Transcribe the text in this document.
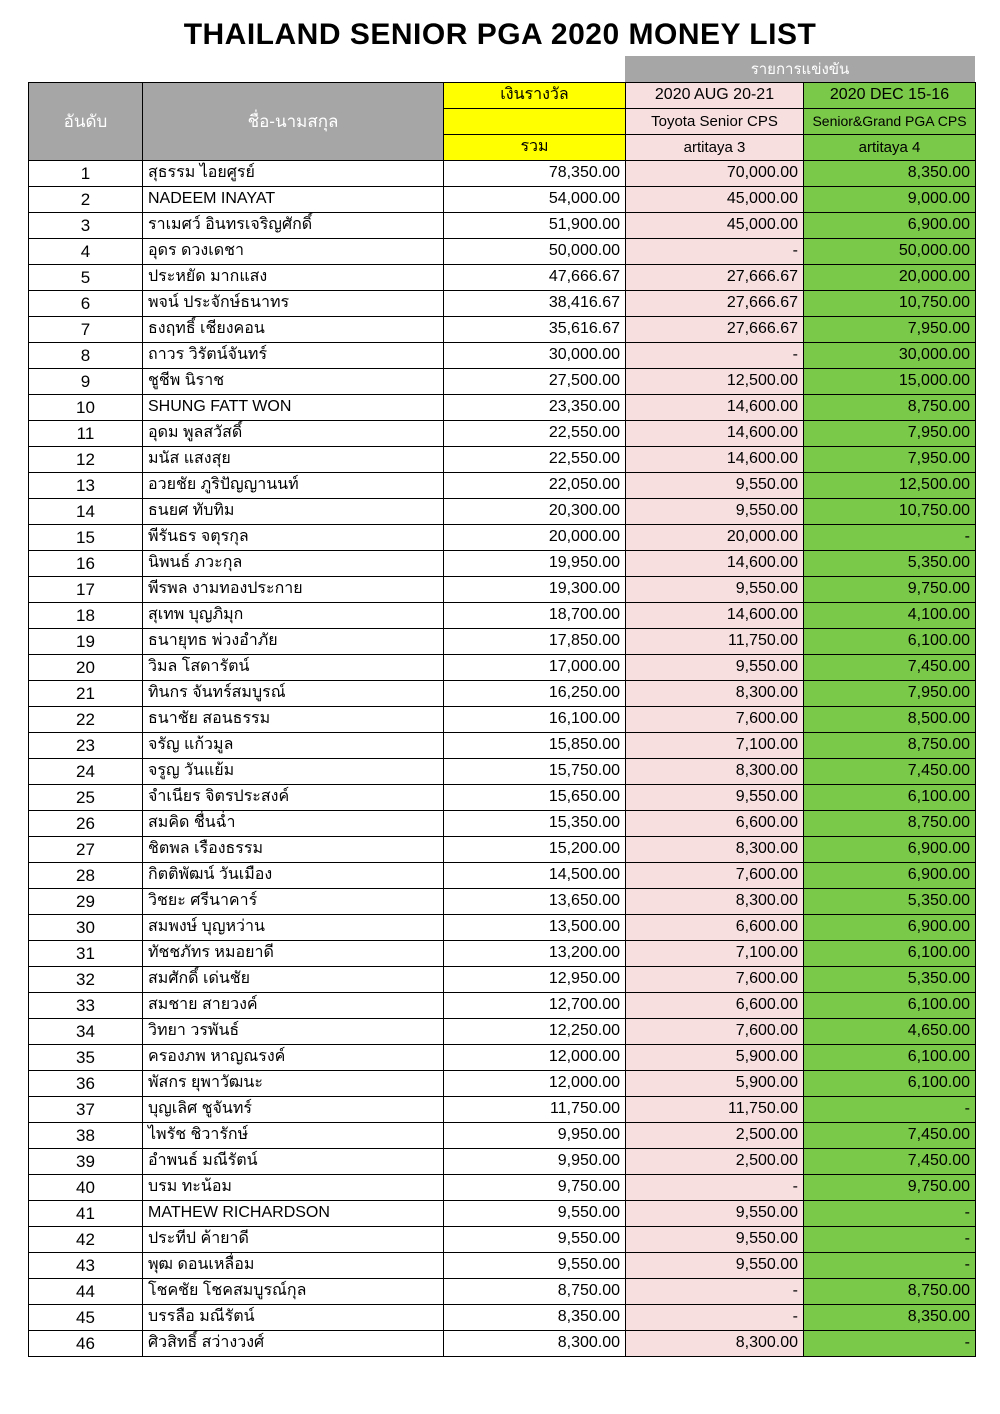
THAILAND SENIOR PGA 2020 MONEY LIST
รายการแข่งขัน
อันดับ	ชื่อ-นามสกุล	เงินรางวัล	2020 AUG 20-21	2020 DEC 15-16
			Toyota Senior CPS	Senior&Grand PGA CPS
		รวม	artitaya 3	artitaya 4
1	สุธรรม ไอยศูรย์	78,350.00	70,000.00	8,350.00
2	NADEEM INAYAT	54,000.00	45,000.00	9,000.00
3	ราเมศว์ อินทรเจริญศักดิ์	51,900.00	45,000.00	6,900.00
4	อุดร ดวงเดชา	50,000.00	-	50,000.00
5	ประหยัด มากแสง	47,666.67	27,666.67	20,000.00
6	พจน์ ประจักษ์ธนาทร	38,416.67	27,666.67	10,750.00
7	ธงฤทธิ์ เชียงคอน	35,616.67	27,666.67	7,950.00
8	ถาวร วิรัตน์จันทร์	30,000.00	-	30,000.00
9	ชูชีพ นิราช	27,500.00	12,500.00	15,000.00
10	SHUNG FATT WON	23,350.00	14,600.00	8,750.00
11	อุดม พูลสวัสดิ์	22,550.00	14,600.00	7,950.00
12	มนัส แสงสุย	22,550.00	14,600.00	7,950.00
13	อวยชัย ภูริปัญญานนท์	22,050.00	9,550.00	12,500.00
14	ธนยศ ทับทิม	20,300.00	9,550.00	10,750.00
15	พีรันธร จตุรกุล	20,000.00	20,000.00	-
16	นิพนธ์ ภวะกุล	19,950.00	14,600.00	5,350.00
17	พีรพล งามทองประกาย	19,300.00	9,550.00	9,750.00
18	สุเทพ บุญภิมุก	18,700.00	14,600.00	4,100.00
19	ธนายุทธ พ่วงอำภัย	17,850.00	11,750.00	6,100.00
20	วิมล โสดารัตน์	17,000.00	9,550.00	7,450.00
21	ทินกร จันทร์สมบูรณ์	16,250.00	8,300.00	7,950.00
22	ธนาชัย สอนธรรม	16,100.00	7,600.00	8,500.00
23	จรัญ แก้วมูล	15,850.00	7,100.00	8,750.00
24	จรูญ วันแย้ม	15,750.00	8,300.00	7,450.00
25	จำเนียร จิตรประสงค์	15,650.00	9,550.00	6,100.00
26	สมคิด ชื่นฉ่ำ	15,350.00	6,600.00	8,750.00
27	ชิตพล เรืองธรรม	15,200.00	8,300.00	6,900.00
28	กิตติพัฒน์ วันเมือง	14,500.00	7,600.00	6,900.00
29	วิชยะ ศรีนาคาร์	13,650.00	8,300.00	5,350.00
30	สมพงษ์ บุญหว่าน	13,500.00	6,600.00	6,900.00
31	ทัชชภัทร หมอยาดี	13,200.00	7,100.00	6,100.00
32	สมศักดิ์ เด่นชัย	12,950.00	7,600.00	5,350.00
33	สมชาย สายวงค์	12,700.00	6,600.00	6,100.00
34	วิทยา วรพันธ์	12,250.00	7,600.00	4,650.00
35	ครองภพ หาญณรงค์	12,000.00	5,900.00	6,100.00
36	พัสกร ยุพาวัฒนะ	12,000.00	5,900.00	6,100.00
37	บุญเลิศ ชูจันทร์	11,750.00	11,750.00	-
38	ไพรัช ชิวารักษ์	9,950.00	2,500.00	7,450.00
39	อำพนธ์ มณีรัตน์	9,950.00	2,500.00	7,450.00
40	บรม ทะน้อม	9,750.00	-	9,750.00
41	MATHEW RICHARDSON	9,550.00	9,550.00	-
42	ประทีป ค้ายาดี	9,550.00	9,550.00	-
43	พุฒ ดอนเหลื่อม	9,550.00	9,550.00	-
44	โชคชัย โชคสมบูรณ์กุล	8,750.00	-	8,750.00
45	บรรลือ มณีรัตน์	8,350.00	-	8,350.00
46	ศิวสิทธิ์ สว่างวงศ์	8,300.00	8,300.00	-
